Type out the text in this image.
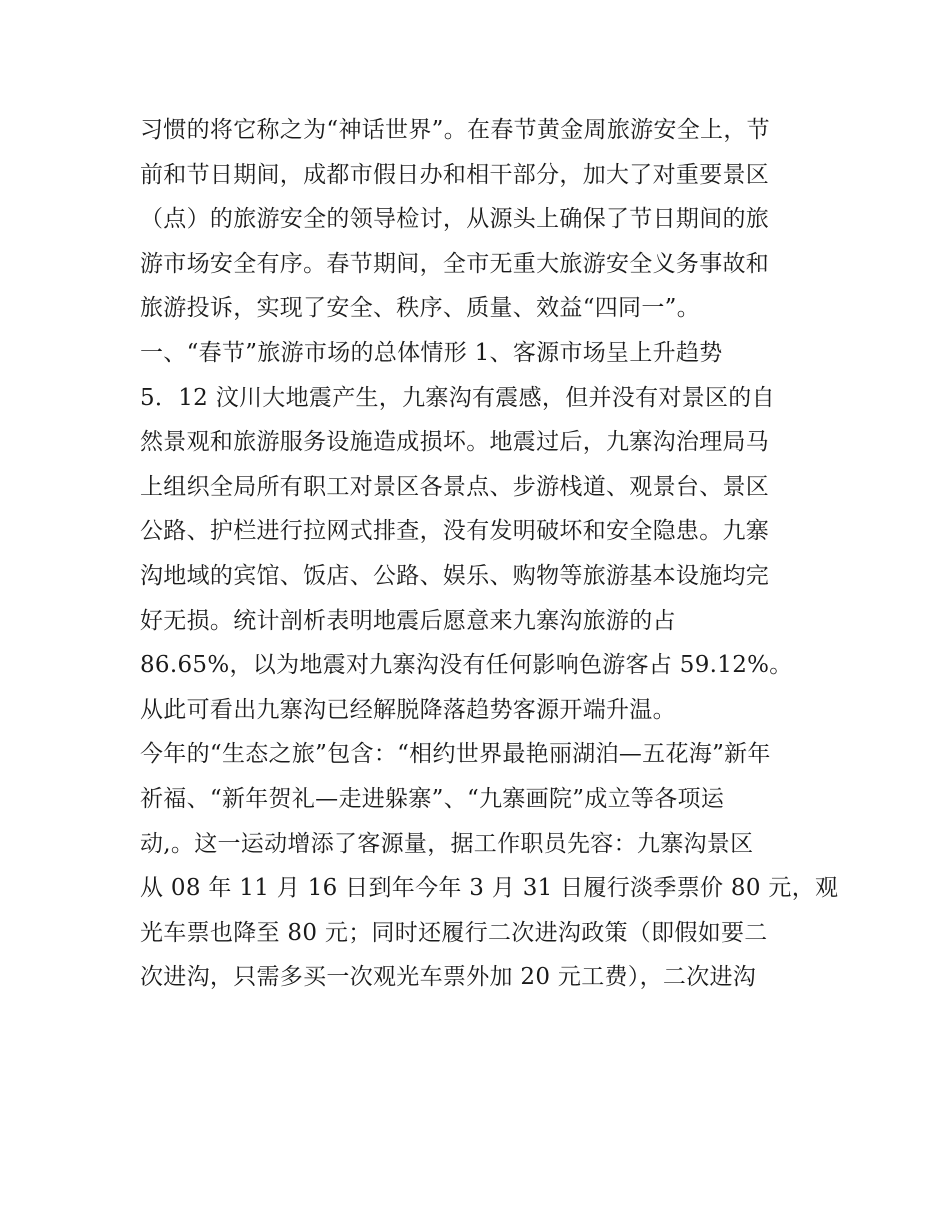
习惯的将它称之为“神话世界”。在春节黄金周旅游安全上，节
前和节日期间，成都市假日办和相干部分，加大了对重要景区
（点）的旅游安全的领导检讨，从源头上确保了节日期间的旅
游市场安全有序。春节期间，全市无重大旅游安全义务事故和
旅游投诉，实现了安全、秩序、质量、效益“四同一”。
一、“春节”旅游市场的总体情形 1、客源市场呈上升趋势
5．12 汶川大地震产生，九寨沟有震感，但并没有对景区的自
然景观和旅游服务设施造成损坏。地震过后，九寨沟治理局马
上组织全局所有职工对景区各景点、步游栈道、观景台、景区
公路、护栏进行拉网式排查，没有发明破坏和安全隐患。九寨
沟地域的宾馆、饭店、公路、娱乐、购物等旅游基本设施均完
好无损。统计剖析表明地震后愿意来九寨沟旅游的占
86.65%，以为地震对九寨沟没有任何影响色游客占 59.12%。
从此可看出九寨沟已经解脱降落趋势客源开端升温。
今年的“生态之旅”包含：“相约世界最艳丽湖泊—五花海”新年
祈福、“新年贺礼—走进躲寨”、“九寨画院”成立等各项运
动,。这一运动增添了客源量，据工作职员先容：九寨沟景区
从 08 年 11 月 16 日到年今年 3 月 31 日履行淡季票价 80 元，观
光车票也降至 80 元；同时还履行二次进沟政策（即假如要二
次进沟，只需多买一次观光车票外加 20 元工费），二次进沟
